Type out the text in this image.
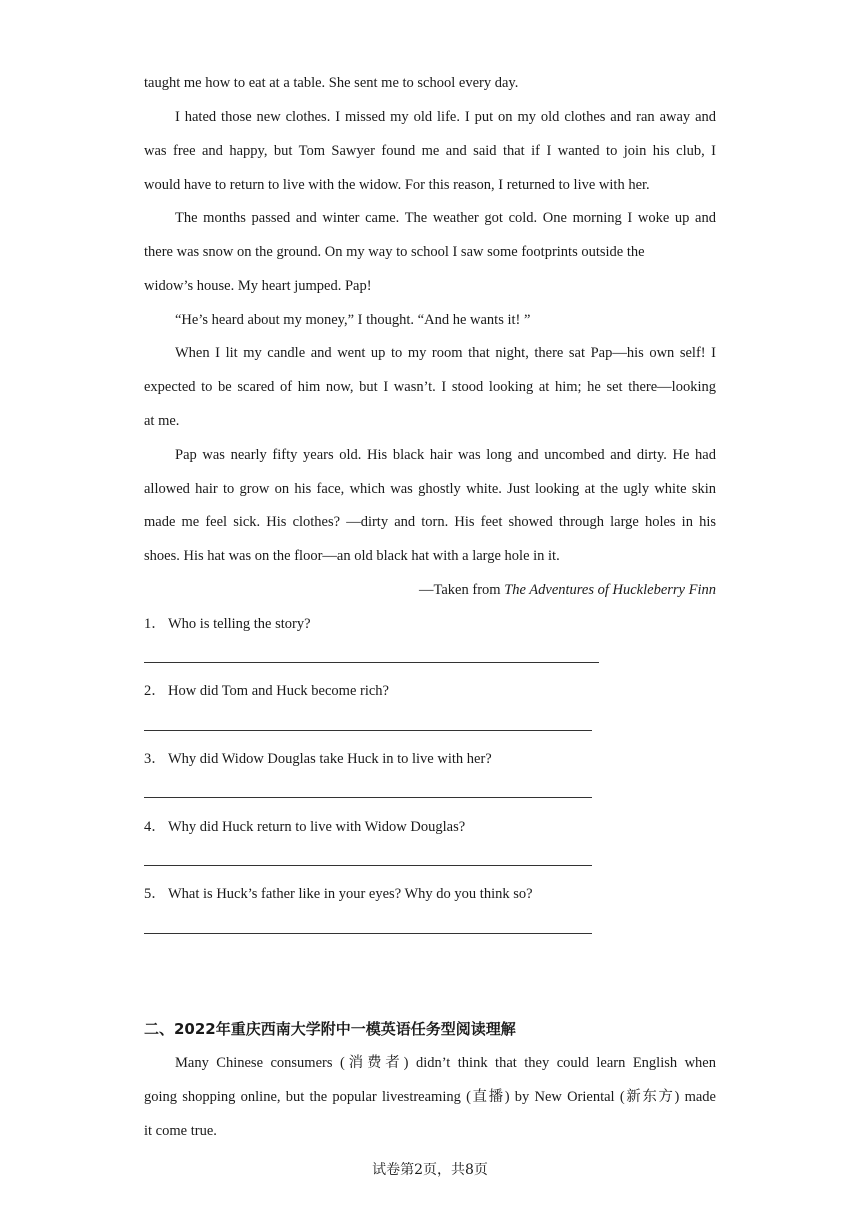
taught me how to eat at a table. She sent me to school every day.
I hated those new clothes. I missed my old life. I put on my old clothes and ran away and
was free and happy, but Tom Sawyer found me and said that if I wanted to join his club, I
would have to return to live with the widow. For this reason, I returned to live with her.
The months passed and winter came. The weather got cold. One morning I woke up and
there was snow on the ground. On my way to school I saw some footprints outside the
widow’s house. My heart jumped. Pap!
“He’s heard about my money,” I thought. “And he wants it! ”
When I lit my candle and went up to my room that night, there sat Pap—his own self! I
expected to be scared of him now, but I wasn’t. I stood looking at him; he set there—looking
at me.
Pap was nearly fifty years old. His black hair was long and uncombed and dirty. He had
allowed hair to grow on his face, which was ghostly white. Just looking at the ugly white skin
made me feel sick. His clothes? —dirty and torn. His feet showed through large holes in his
shoes. His hat was on the floor—an old black hat with a large hole in it.
—Taken from The Adventures of Huckleberry Finn
1． Who is telling the story?
2． How did Tom and Huck become rich?
3． Why did Widow Douglas take Huck in to live with her?
4． Why did Huck return to live with Widow Douglas?
5． What is Huck’s father like in your eyes? Why do you think so?
二、2022年重庆西南大学附中一模英语任务型阅读理解
Many Chinese consumers (消费者) didn’t think that they could learn English when
going shopping online, but the popular livestreaming (直播) by New Oriental (新东方) made
it come true.
试卷第2页，共8页
